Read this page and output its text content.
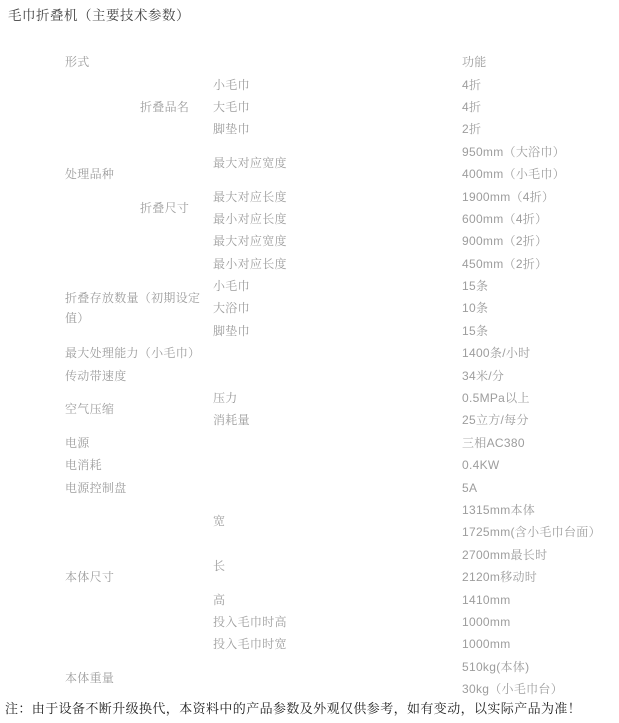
毛巾折叠机（主要技术参数）
形式			功能
处理品种	折叠品名	小毛巾	4折
		大毛巾	4折
		脚垫巾	2折
	折叠尺寸	最大对应宽度	950mm（大浴巾）
			400mm（小毛巾）
		最大对应长度	1900mm（4折）
		最小对应长度	600mm（4折）
		最大对应宽度	900mm（2折）
		最小对应长度	450mm（2折）
折叠存放数量（初期设定值）		小毛巾	15条
		大浴巾	10条
		脚垫巾	15条
最大处理能力（小毛巾）			1400条/小时
传动带速度			34米/分
空气压缩		压力	0.5MPa以上
		消耗量	25立方/每分
电源			三相AC380
电消耗			0.4KW
电源控制盘			5A
本体尺寸		宽	1315mm本体
			1725mm(含小毛巾台面）
		长	2700mm最长时
			2120m移动时
		高	1410mm
		投入毛巾时高	1000mm
		投入毛巾时宽	1000mm
本体重量			510kg(本体)
			30kg（小毛巾台）
注：由于设备不断升级换代，本资料中的产品参数及外观仅供参考，如有变动，以实际产品为准！
